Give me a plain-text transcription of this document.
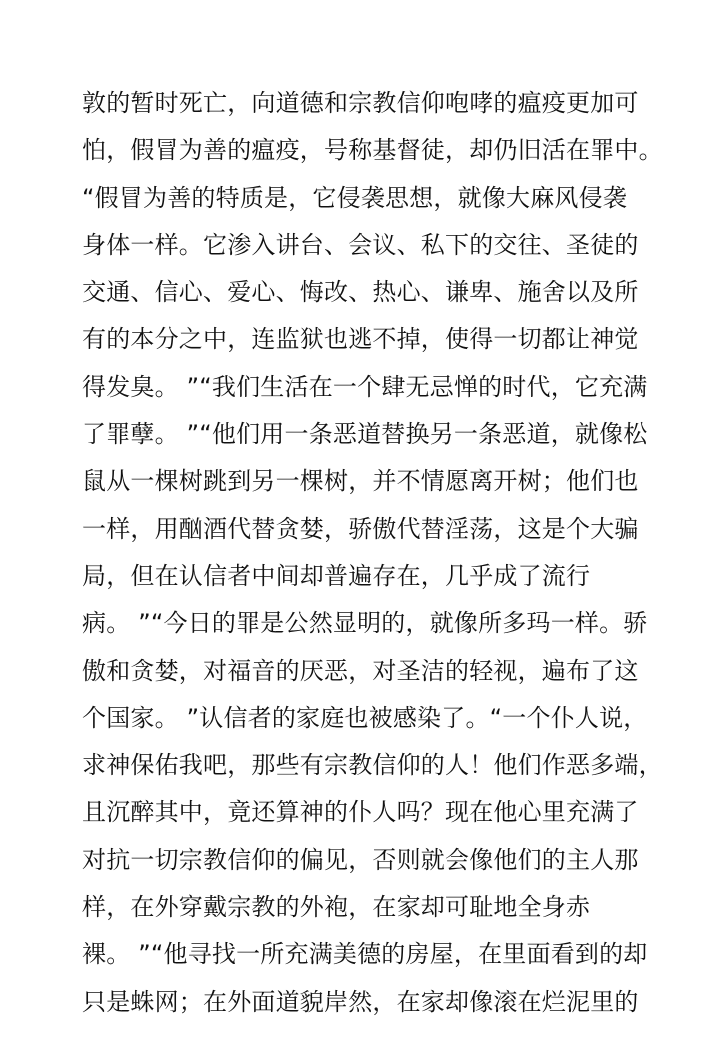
敦的暂时死亡，向道德和宗教信仰咆哮的瘟疫更加可
怕，假冒为善的瘟疫，号称基督徒，却仍旧活在罪中。
“假冒为善的特质是，它侵袭思想，就像大麻风侵袭
身体一样。它渗入讲台、会议、私下的交往、圣徒的
交通、信心、爱心、悔改、热心、谦卑、施舍以及所
有的本分之中，连监狱也逃不掉，使得一切都让神觉
得发臭。 ”“我们生活在一个肆无忌惮的时代，它充满
了罪孽。 ”“他们用一条恶道替换另一条恶道，就像松
鼠从一棵树跳到另一棵树，并不情愿离开树；他们也
一样，用酗酒代替贪婪，骄傲代替淫荡，这是个大骗
局，但在认信者中间却普遍存在，几乎成了流行
病。 ”“今日的罪是公然显明的，就像所多玛一样。骄
傲和贪婪，对福音的厌恶，对圣洁的轻视，遍布了这
个国家。 ”认信者的家庭也被感染了。“一个仆人说，
求神保佑我吧，那些有宗教信仰的人！他们作恶多端，
且沉醉其中，竟还算神的仆人吗？现在他心里充满了
对抗一切宗教信仰的偏见，否则就会像他们的主人那
样，在外穿戴宗教的外袍，在家却可耻地全身赤
裸。 ”“他寻找一所充满美德的房屋，在里面看到的却
只是蛛网；在外面道貌岸然，在家却像滚在烂泥里的
